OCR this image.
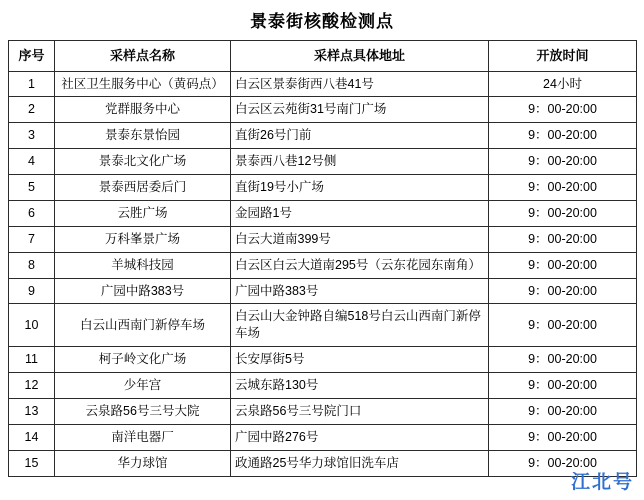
景泰街核酸检测点
序号	采样点名称	采样点具体地址	开放时间
1	社区卫生服务中心（黄码点）	白云区景泰街西八巷41号	24小时
2	党群服务中心	白云区云苑街31号南门广场	9：00-20:00
3	景泰东景怡园	直街26号门前	9：00-20:00
4	景泰北文化广场	景泰西八巷12号侧	9：00-20:00
5	景泰西居委后门	直街19号小广场	9：00-20:00
6	云胜广场	金园路1号	9：00-20:00
7	万科峯景广场	白云大道南399号	9：00-20:00
8	羊城科技园	白云区白云大道南295号（云东花园东南角）	9：00-20:00
9	广园中路383号	广园中路383号	9：00-20:00
10	白云山西南门新停车场	白云山大金钟路自编518号白云山西南门新停车场	9：00-20:00
11	柯子岭文化广场	长安厚街5号	9：00-20:00
12	少年宫	云城东路130号	9：00-20:00
13	云泉路56号三号大院	云泉路56号三号院门口	9：00-20:00
14	南洋电器厂	广园中路276号	9：00-20:00
15	华力球馆	政通路25号华力球馆旧洗车店	9：00-20:00
江北号
